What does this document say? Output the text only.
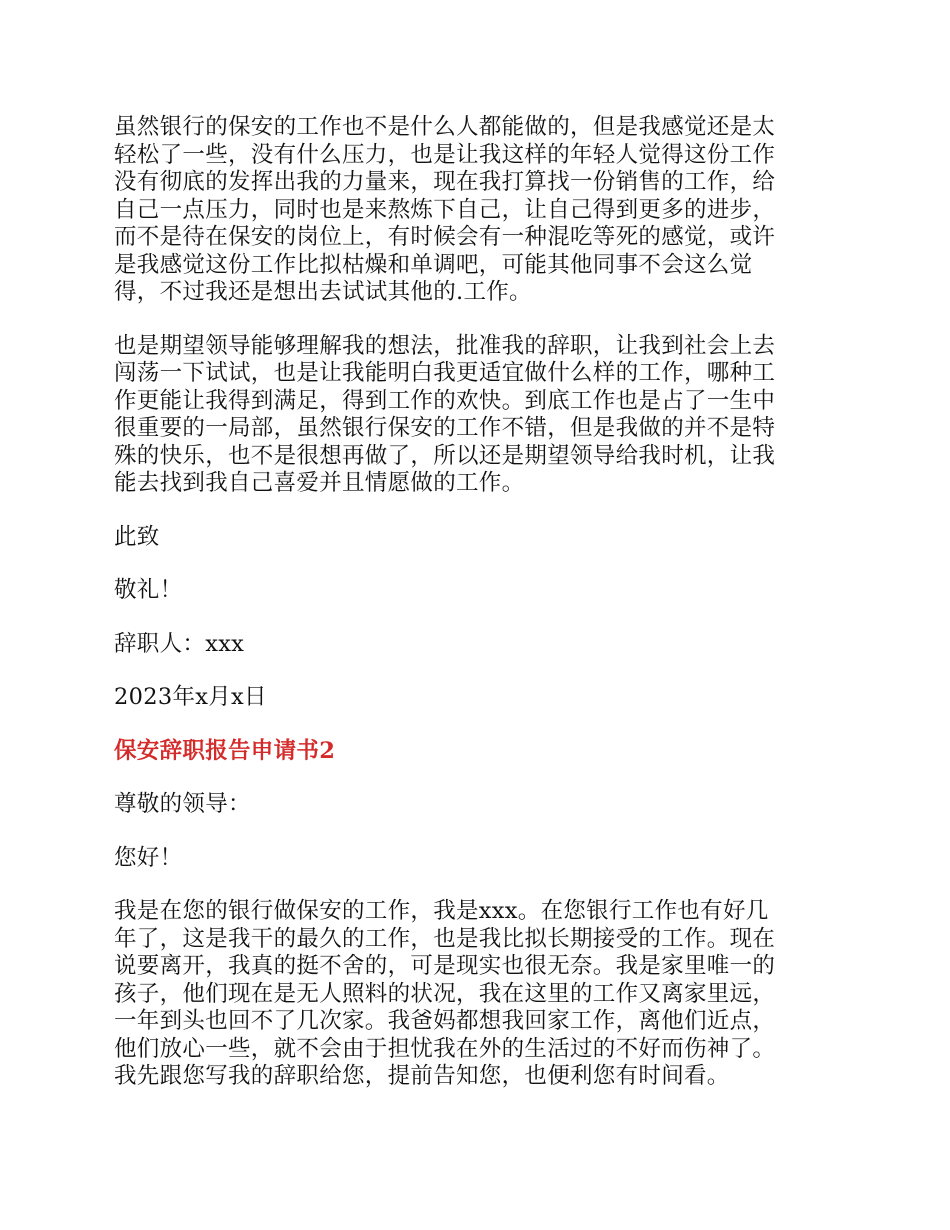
虽然银行的保安的工作也不是什么人都能做的，但是我感觉还是太
轻松了一些，没有什么压力，也是让我这样的年轻人觉得这份工作
没有彻底的发挥出我的力量来，现在我打算找一份销售的工作，给
自己一点压力，同时也是来熬炼下自己，让自己得到更多的进步，
而不是待在保安的岗位上，有时候会有一种混吃等死的感觉，或许
是我感觉这份工作比拟枯燥和单调吧，可能其他同事不会这么觉
得，不过我还是想出去试试其他的.工作。

也是期望领导能够理解我的想法，批准我的辞职，让我到社会上去
闯荡一下试试，也是让我能明白我更适宜做什么样的工作，哪种工
作更能让我得到满足，得到工作的欢快。到底工作也是占了一生中
很重要的一局部，虽然银行保安的工作不错，但是我做的并不是特
殊的快乐，也不是很想再做了，所以还是期望领导给我时机，让我
能去找到我自己喜爱并且情愿做的工作。

此致

敬礼！

辞职人：xxx

2023年x月x日

保安辞职报告申请书2

尊敬的领导：

您好！

我是在您的银行做保安的工作，我是xxx。在您银行工作也有好几
年了，这是我干的最久的工作，也是我比拟长期接受的工作。现在
说要离开，我真的挺不舍的，可是现实也很无奈。我是家里唯一的
孩子，他们现在是无人照料的状况，我在这里的工作又离家里远，
一年到头也回不了几次家。我爸妈都想我回家工作，离他们近点，
他们放心一些，就不会由于担忧我在外的生活过的不好而伤神了。
我先跟您写我的辞职给您，提前告知您，也便利您有时间看。
